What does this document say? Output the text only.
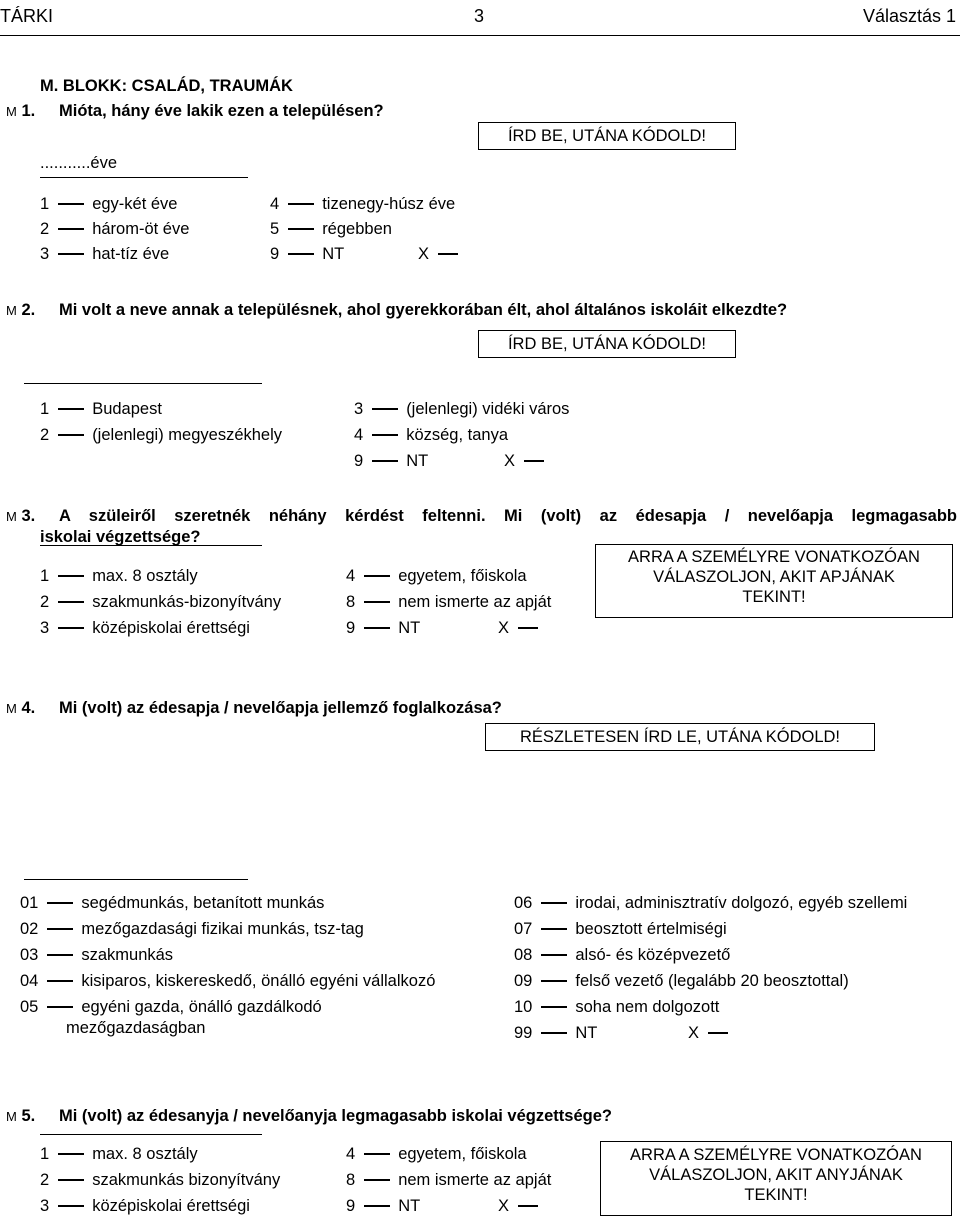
TÁRKI	3	Választás 1
M. BLOKK: CSALÁD, TRAUMÁK
M 1. Mióta, hány éve lakik ezen a településen?
ÍRD BE, UTÁNA KÓDOLD!
...........éve
1	egy-két éve
2	három-öt éve
3	hat-tíz éve
4	tizenegy-húsz éve
5	régebben
9	NT	X
M 2. Mi volt a neve annak a településnek, ahol gyerekkorában élt, ahol általános iskoláit elkezdte?
ÍRD BE, UTÁNA KÓDOLD!
1	Budapest
2	(jelenlegi) megyeszékhely
3	(jelenlegi) vidéki város
4	község, tanya
9	NT	X
M 3. A szüleiről szeretnék néhány kérdést feltenni. Mi (volt) az édesapja / nevelőapja legmagasabb
iskolai végzettsége?
ARRA A SZEMÉLYRE VONATKOZÓAN
VÁLASZOLJON, AKIT APJÁNAK
TEKINT!
1	max. 8 osztály
2	szakmunkás-bizonyítvány
3	középiskolai érettségi
4	egyetem, főiskola
8	nem ismerte az apját
9	NT	X
M 4. Mi (volt) az édesapja / nevelőapja jellemző foglalkozása?
RÉSZLETESEN ÍRD LE, UTÁNA KÓDOLD!
01	segédmunkás, betanított munkás
02	mezőgazdasági fizikai munkás, tsz-tag
03	szakmunkás
04	kisiparos, kiskereskedő, önálló egyéni vállalkozó
05	egyéni gazda, önálló gazdálkodó
mezőgazdaságban
06	irodai, adminisztratív dolgozó, egyéb szellemi
07	beosztott értelmiségi
08	alsó- és középvezető
09	felső vezető (legalább 20 beosztottal)
10	soha nem dolgozott
99	NT	X
M 5. Mi (volt) az édesanyja / nevelőanyja legmagasabb iskolai végzettsége?
ARRA A SZEMÉLYRE VONATKOZÓAN
VÁLASZOLJON, AKIT ANYJÁNAK
TEKINT!
1	max. 8 osztály
2	szakmunkás bizonyítvány
3	középiskolai érettségi
4	egyetem, főiskola
8	nem ismerte az apját
9	NT	X
